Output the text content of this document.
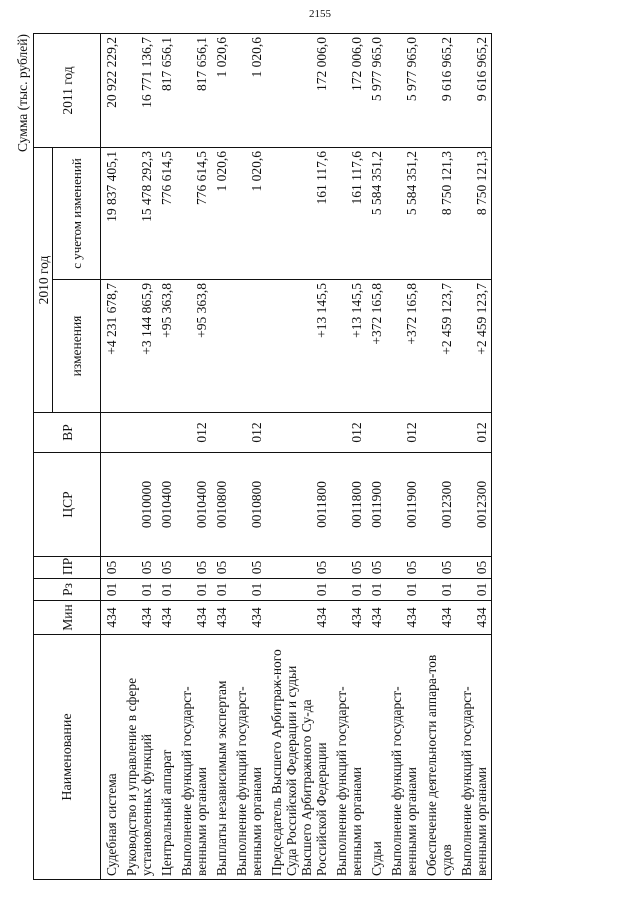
2155
Сумма (тыс. рублей)
Наименование	Мин	Рз	ПР	ЦСР	ВР	2010 год		2011 год
						изменения	с учетом изменений	
Судебная система	434	01	05			+4 231 678,7	19 837 405,1	20 922 229,2
Руководство и управление в сфере установленных функций	434	01	05	0010000		+3 144 865,9	15 478 292,3	16 771 136,7
Центральный аппарат	434	01	05	0010400		+95 363,8	776 614,5	817 656,1
Выполнение функций государст-венными органами	434	01	05	0010400	012	+95 363,8	776 614,5	817 656,1
Выплаты независимым экспертам	434	01	05	0010800			1 020,6	1 020,6
Выполнение функций государст-венными органами	434	01	05	0010800	012		1 020,6	1 020,6
Председатель Высшего Арбитраж-ного Суда Российской Федерации и судьи Высшего Арбитражного Су-да Российской Федерации	434	01	05	0011800		+13 145,5	161 117,6	172 006,0
Выполнение функций государст-венными органами	434	01	05	0011800	012	+13 145,5	161 117,6	172 006,0
Судьи	434	01	05	0011900		+372 165,8	5 584 351,2	5 977 965,0
Выполнение функций государст-венными органами	434	01	05	0011900	012	+372 165,8	5 584 351,2	5 977 965,0
Обеспечение деятельности аппара-тов судов	434	01	05	0012300		+2 459 123,7	8 750 121,3	9 616 965,2
Выполнение функций государст-венными органами	434	01	05	0012300	012	+2 459 123,7	8 750 121,3	9 616 965,2
